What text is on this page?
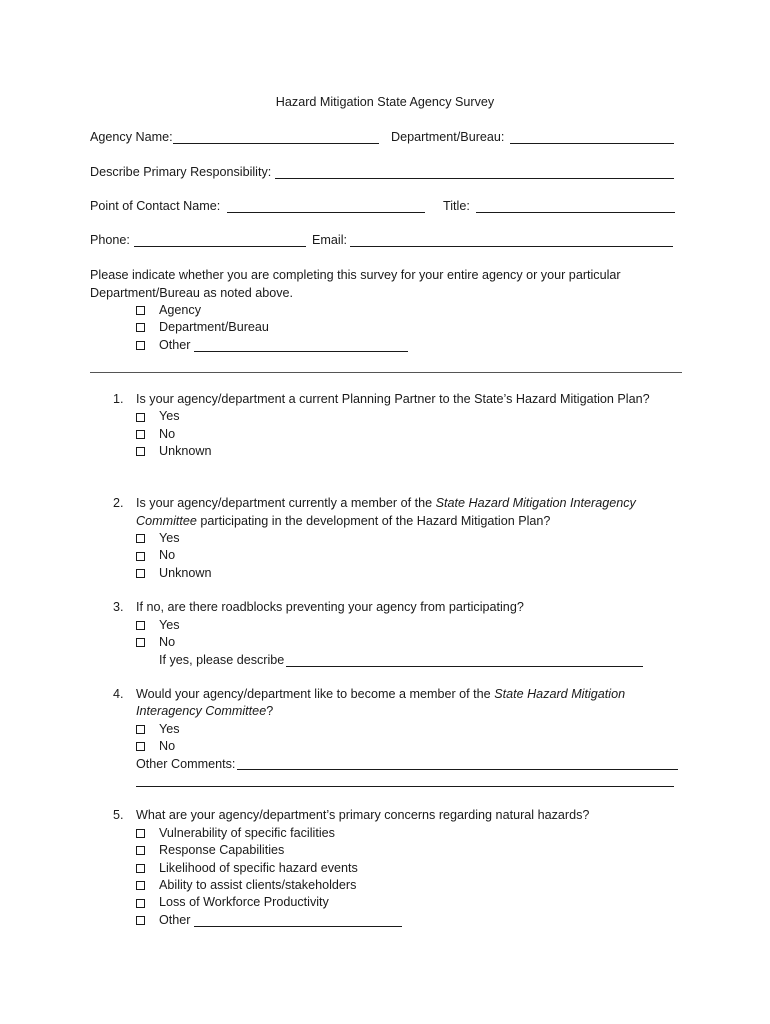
Hazard Mitigation State Agency Survey
Agency Name:	Department/Bureau:
Describe Primary Responsibility:
Point of Contact Name:	Title:
Phone:	Email:
Please indicate whether you are completing this survey for your entire agency or your particular
Department/Bureau as noted above.
Agency
Department/Bureau
Other
1. Is your agency/department a current Planning Partner to the State’s Hazard Mitigation Plan?
Yes
No
Unknown
2. Is your agency/department currently a member of the State Hazard Mitigation Interagency
Committee participating in the development of the Hazard Mitigation Plan?
Yes
No
Unknown
3. If no, are there roadblocks preventing your agency from participating?
Yes
No
If yes, please describe
4. Would your agency/department like to become a member of the State Hazard Mitigation
Interagency Committee?
Yes
No
Other Comments:
5. What are your agency/department’s primary concerns regarding natural hazards?
Vulnerability of specific facilities
Response Capabilities
Likelihood of specific hazard events
Ability to assist clients/stakeholders
Loss of Workforce Productivity
Other
